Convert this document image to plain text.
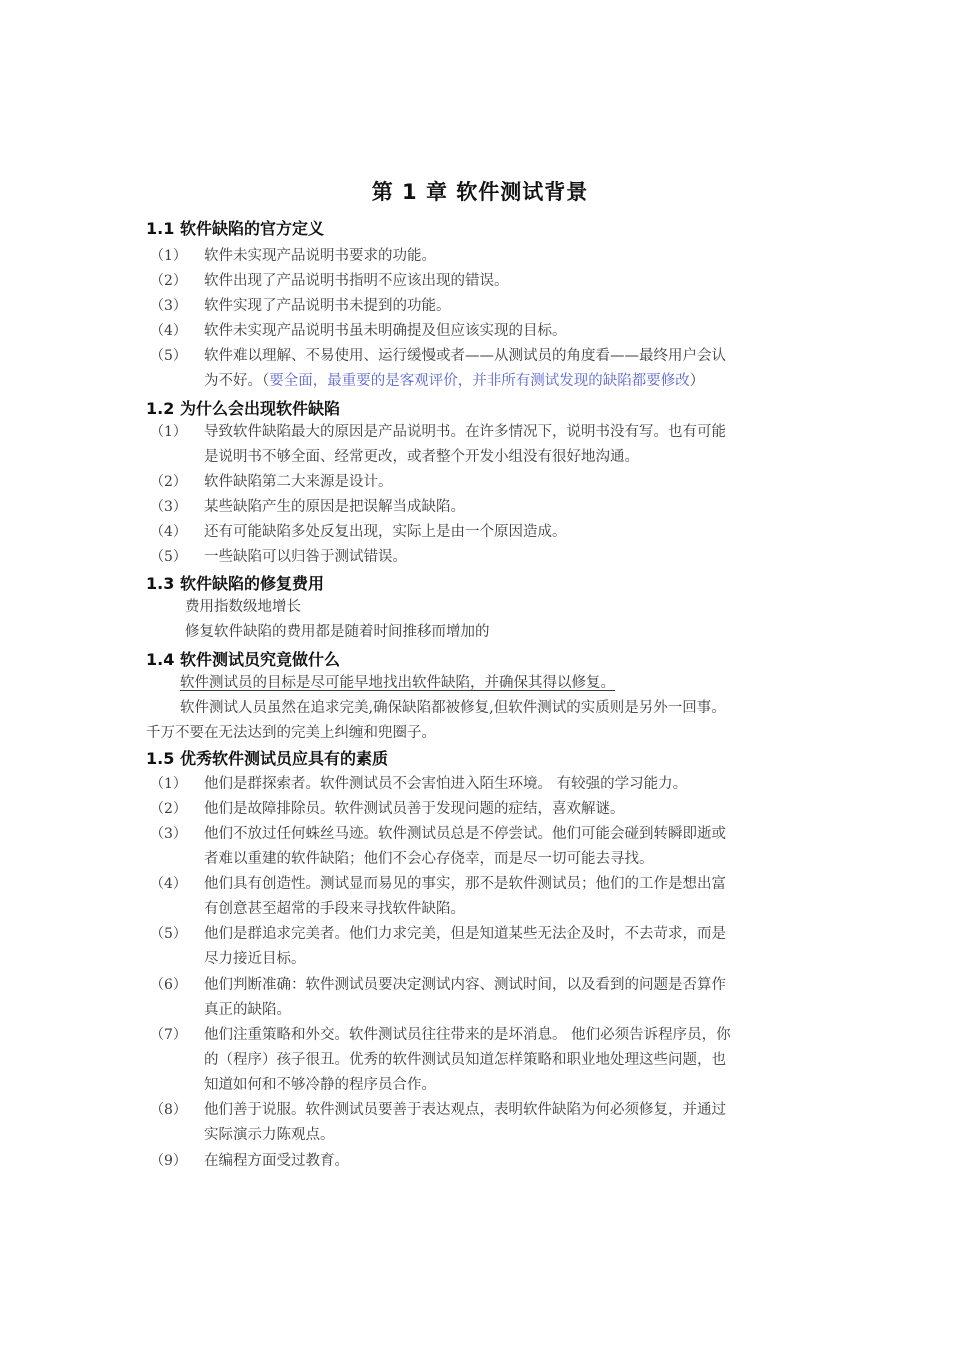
第 1 章 软件测试背景
1.1 软件缺陷的官方定义
（1） 软件未实现产品说明书要求的功能。
（2） 软件出现了产品说明书指明不应该出现的错误。
（3） 软件实现了产品说明书未提到的功能。
（4） 软件未实现产品说明书虽未明确提及但应该实现的目标。
（5） 软件难以理解、不易使用、运行缓慢或者——从测试员的角度看——最终用户会认
为不好。（要全面，最重要的是客观评价，并非所有测试发现的缺陷都要修改）
1.2 为什么会出现软件缺陷
（1） 导致软件缺陷最大的原因是产品说明书。在许多情况下，说明书没有写。也有可能
是说明书不够全面、经常更改，或者整个开发小组没有很好地沟通。
（2） 软件缺陷第二大来源是设计。
（3） 某些缺陷产生的原因是把误解当成缺陷。
（4） 还有可能缺陷多处反复出现，实际上是由一个原因造成。
（5） 一些缺陷可以归咎于测试错误。
1.3 软件缺陷的修复费用
费用指数级地增长
修复软件缺陷的费用都是随着时间推移而增加的
1.4 软件测试员究竟做什么
软件测试员的目标是尽可能早地找出软件缺陷，并确保其得以修复。
软件测试人员虽然在追求完美,确保缺陷都被修复,但软件测试的实质则是另外一回事。
千万不要在无法达到的完美上纠缠和兜圈子。
1.5 优秀软件测试员应具有的素质
（1） 他们是群探索者。软件测试员不会害怕进入陌生环境。 有较强的学习能力。
（2） 他们是故障排除员。软件测试员善于发现问题的症结，喜欢解谜。
（3） 他们不放过任何蛛丝马迹。软件测试员总是不停尝试。他们可能会碰到转瞬即逝或
者难以重建的软件缺陷；他们不会心存侥幸，而是尽一切可能去寻找。
（4） 他们具有创造性。测试显而易见的事实，那不是软件测试员；他们的工作是想出富
有创意甚至超常的手段来寻找软件缺陷。
（5） 他们是群追求完美者。他们力求完美，但是知道某些无法企及时，不去苛求，而是
尽力接近目标。
（6） 他们判断准确：软件测试员要决定测试内容、测试时间，以及看到的问题是否算作
真正的缺陷。
（7） 他们注重策略和外交。软件测试员往往带来的是坏消息。 他们必须告诉程序员，你
的（程序）孩子很丑。优秀的软件测试员知道怎样策略和职业地处理这些问题，也
知道如何和不够冷静的程序员合作。
（8） 他们善于说服。软件测试员要善于表达观点，表明软件缺陷为何必须修复，并通过
实际演示力陈观点。
（9） 在编程方面受过教育。
